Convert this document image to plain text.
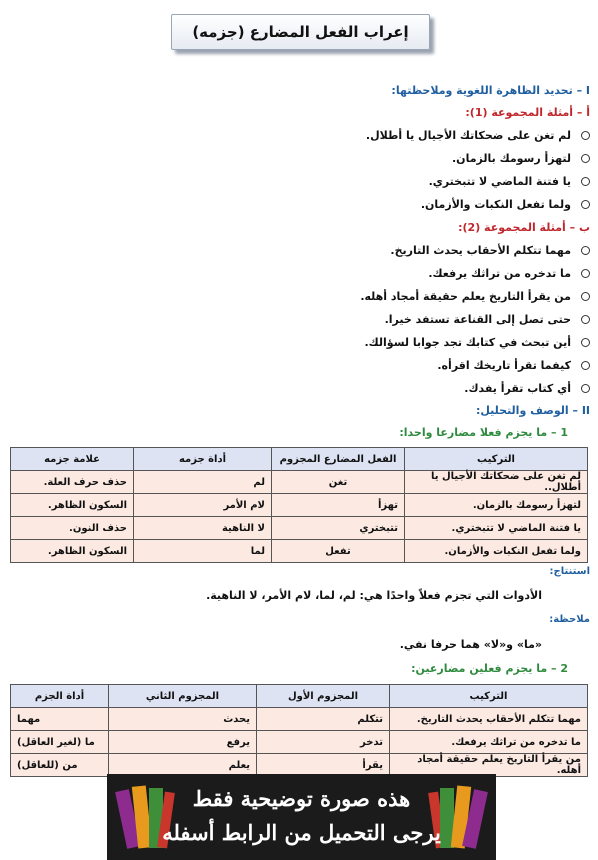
إعراب الفعل المضارع (جزمه)
I – تحديد الظاهرة اللغوية وملاحظتها:
أ – أمثلة المجموعة (1):
لم تغن على ضحكاتك الأجيال يا أطلال.
لتهزأ رسومك بالزمان.
يا فتنة الماضي لا تتبختري.
ولما تفعل النكبات والأزمان.
ب – أمثلة المجموعة (2):
مهما تتكلم الأحقاب يحدث التاريخ.
ما تدخره من تراثك يرفعك.
من يقرأ التاريخ يعلم حقيقة أمجاد أهله.
حتى تصل إلى القناعة تستفد خيرا.
أين تبحث في كتابك تجد جوابا لسؤالك.
كيفما تقرأ تاريخك اقرأه.
أي كتاب تقرأ يفدك.
II – الوصف والتحليل:
1 – ما يجزم فعلا مضارعا واحدا:
التركيب	الفعل المضارع المجزوم	أداة جزمه	علامة جزمه
لم تغن على ضحكاتك الأجيال يا أطلال..	تغن	لم	حذف حرف العلة.
لتهزأ رسومك بالزمان.	تهزأ	لام الأمر	السكون الظاهر.
يا فتنة الماضي لا تتبختري.	تتبختري	لا الناهية	حذف النون.
ولما تفعل النكبات والأزمان.	تفعل	لما	السكون الظاهر.
استنتاج:
الأدوات التي تجزم فعلاً واحدًا هي: لم، لما، لام الأمر، لا الناهية.
ملاحظة:
«ما» و«لا» هما حرفا نفي.
2 – ما يجزم فعلين مضارعين:
التركيب	المجزوم الأول	المجزوم الثاني	أداة الجزم
مهما تتكلم الأحقاب يحدث التاريخ.	تتكلم	يحدث	مهما
ما تدخره من تراثك يرفعك.	تدخر	يرفع	ما (لغير العاقل)
من يقرأ التاريخ يعلم حقيقة أمجاد أهله.	يقرأ	يعلم	من (للعاقل)
هذه صورة توضيحية فقط
يرجى التحميل من الرابط أسفله
